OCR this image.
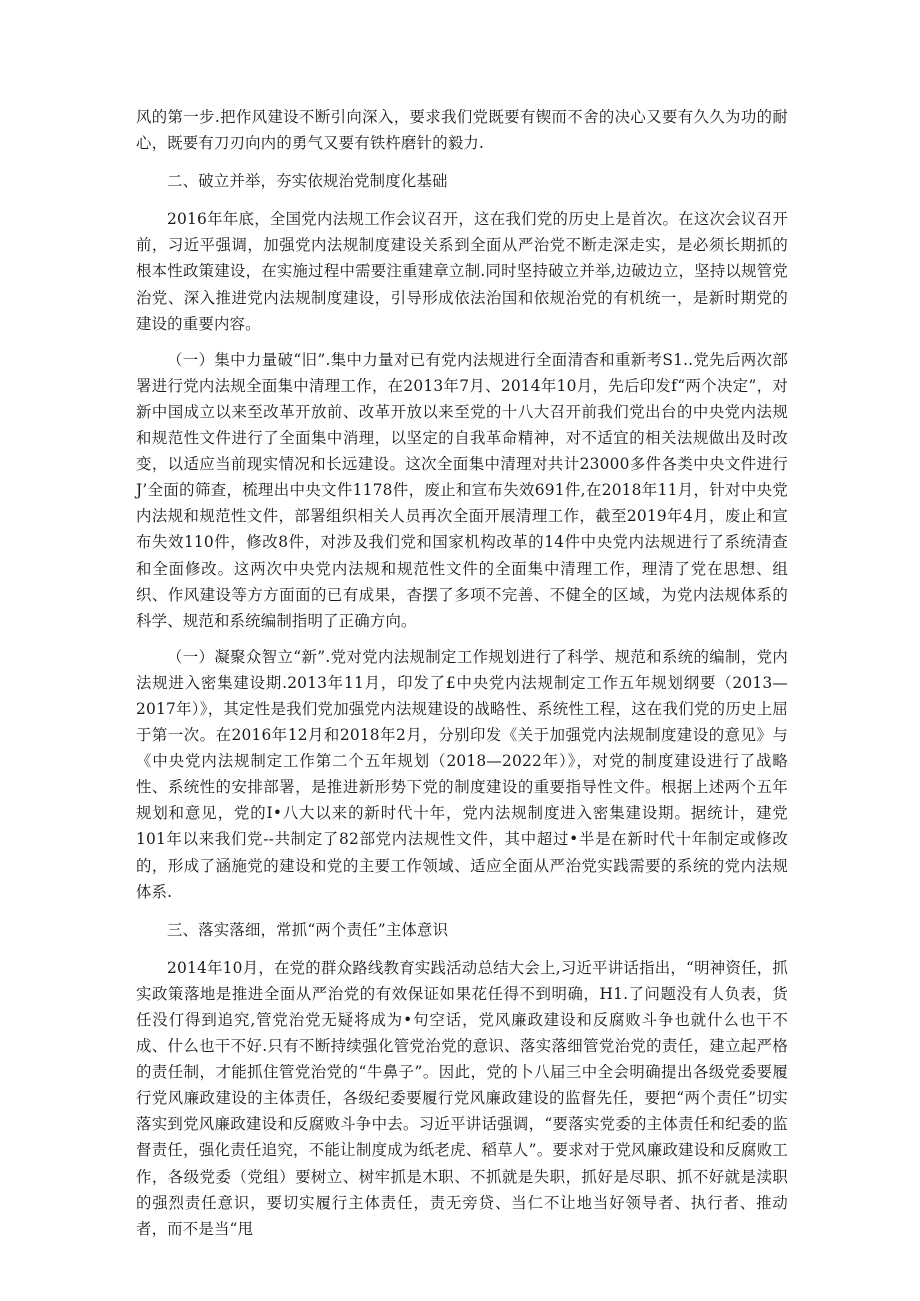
风的第一步.把作风建设不断引向深入，要求我们党既要有锲而不舍的决心又要有久久为功的耐心，既要有刀刃向内的勇气又要有铁杵磨针的毅力.

二、破立并举，夯实依规治党制度化基础

2016年年底，全国党内法规工作会议召开，这在我们党的历史上是首次。在这次会议召开前，习近平强调，加强党内法规制度建设关系到全面从严治党不断走深走实，是必须长期抓的根本性政策建设，在实施过程中需要注重建章立制.同时坚持破立并举,边破边立，坚持以规管党治党、深入推进党内法规制度建设，引导形成依法治国和依规治党的有机统一，是新时期党的建设的重要内容。

（一）集中力量破“旧”.集中力量对已有党内法规进行全面清杳和重新考S1..党先后两次部署进行党内法规全面集中清理工作，在2013年7月、2014年10月，先后印发f“两个决定”，对新中国成立以来至改革开放前、改革开放以来至党的十八大召开前我们党出台的中央党内法规和规范性文件进行了全面集中消理，以坚定的自我革命精神，对不适宜的相关法规做出及时改变，以适应当前现实情况和长远建设。这次全面集中清理对共计23000多件各类中央文件进行J’全面的筛查，梳理出中央文件1178件，废止和宣布失效691件,在2018年11月，针对中央党内法规和规范性文件，部署组织相关人员再次全面开展清理工作，截至2019年4月，废止和宣布失效110件，修改8件，对涉及我们党和国家机构改革的14件中央党内法规进行了系统清查和全面修改。这两次中央党内法规和规范性文件的全面集中清理工作，理清了党在思想、组织、作风建设等方方面面的已有成果，杳摆了多项不完善、不健全的区域，为党内法规体系的科学、规范和系统编制指明了正确方向。

（一）凝聚众智立“新”.党对党内法规制定工作规划进行了科学、规范和系统的编制，党内法规进入密集建设期.2013年11月，印发了£中央党内法规制定工作五年规划纲要（2013—2017年）》，其定性是我们党加强党内法规建设的战略性、系统性工程，这在我们党的历史上屈于第一次。在2016年12月和2018年2月，分别印发《关于加强党内法规制度建设的意见》与《中央党内法规制定工作第二个五年规划（2018—2022年）》，对党的制度建设进行了战略性、系统性的安排部署，是推进新形势下党的制度建设的重要指导性文件。根据上述两个五年规划和意见，党的I•八大以来的新时代十年，党内法规制度进入密集建设期。据统计，建党101年以来我们党--共制定了82部党内法规性文件，其中超过•半是在新时代十年制定或修改的，形成了涵施党的建设和党的主要工作领域、适应全面从严治党实践需要的系统的党内法规体系.

三、落实落细，常抓“两个责任”主体意识

2014年10月，在党的群众路线教育实践活动总结大会上,习近平讲话指出，“明神资任，抓实政策落地是推进全面从严治党的有效保证如果花任得不到明确，H1.了问题没有人负表，货任没仃得到追究,管党治党无疑将成为•句空话，党风廉政建设和反腐败斗争也就什么也干不成、什么也干不好.只有不断持续强化管党治党的意识、落实落细管党治党的责任，建立起严格的责任制，才能抓住管党治党的“牛鼻子”。因此，党的卜八届三中全会明确提出各级党委要履行党风廉政建设的主体责任，各级纪委要履行党风廉政建设的监督先任，要把“两个责任”切实落实到党风廉政建设和反腐败斗争中去。习近平讲话强调，“要落实党委的主体责任和纪委的监督责任，强化责任追究，不能让制度成为纸老虎、稻草人”。要求对于党风廉政建设和反腐败工作，各级党委（党组）要树立、树牢抓是木职、不抓就是失职，抓好是尽职、抓不好就是渎职的强烈责任意识，要切实履行主体责任，责无旁贷、当仁不让地当好领导者、执行者、推动者，而不是当“甩
